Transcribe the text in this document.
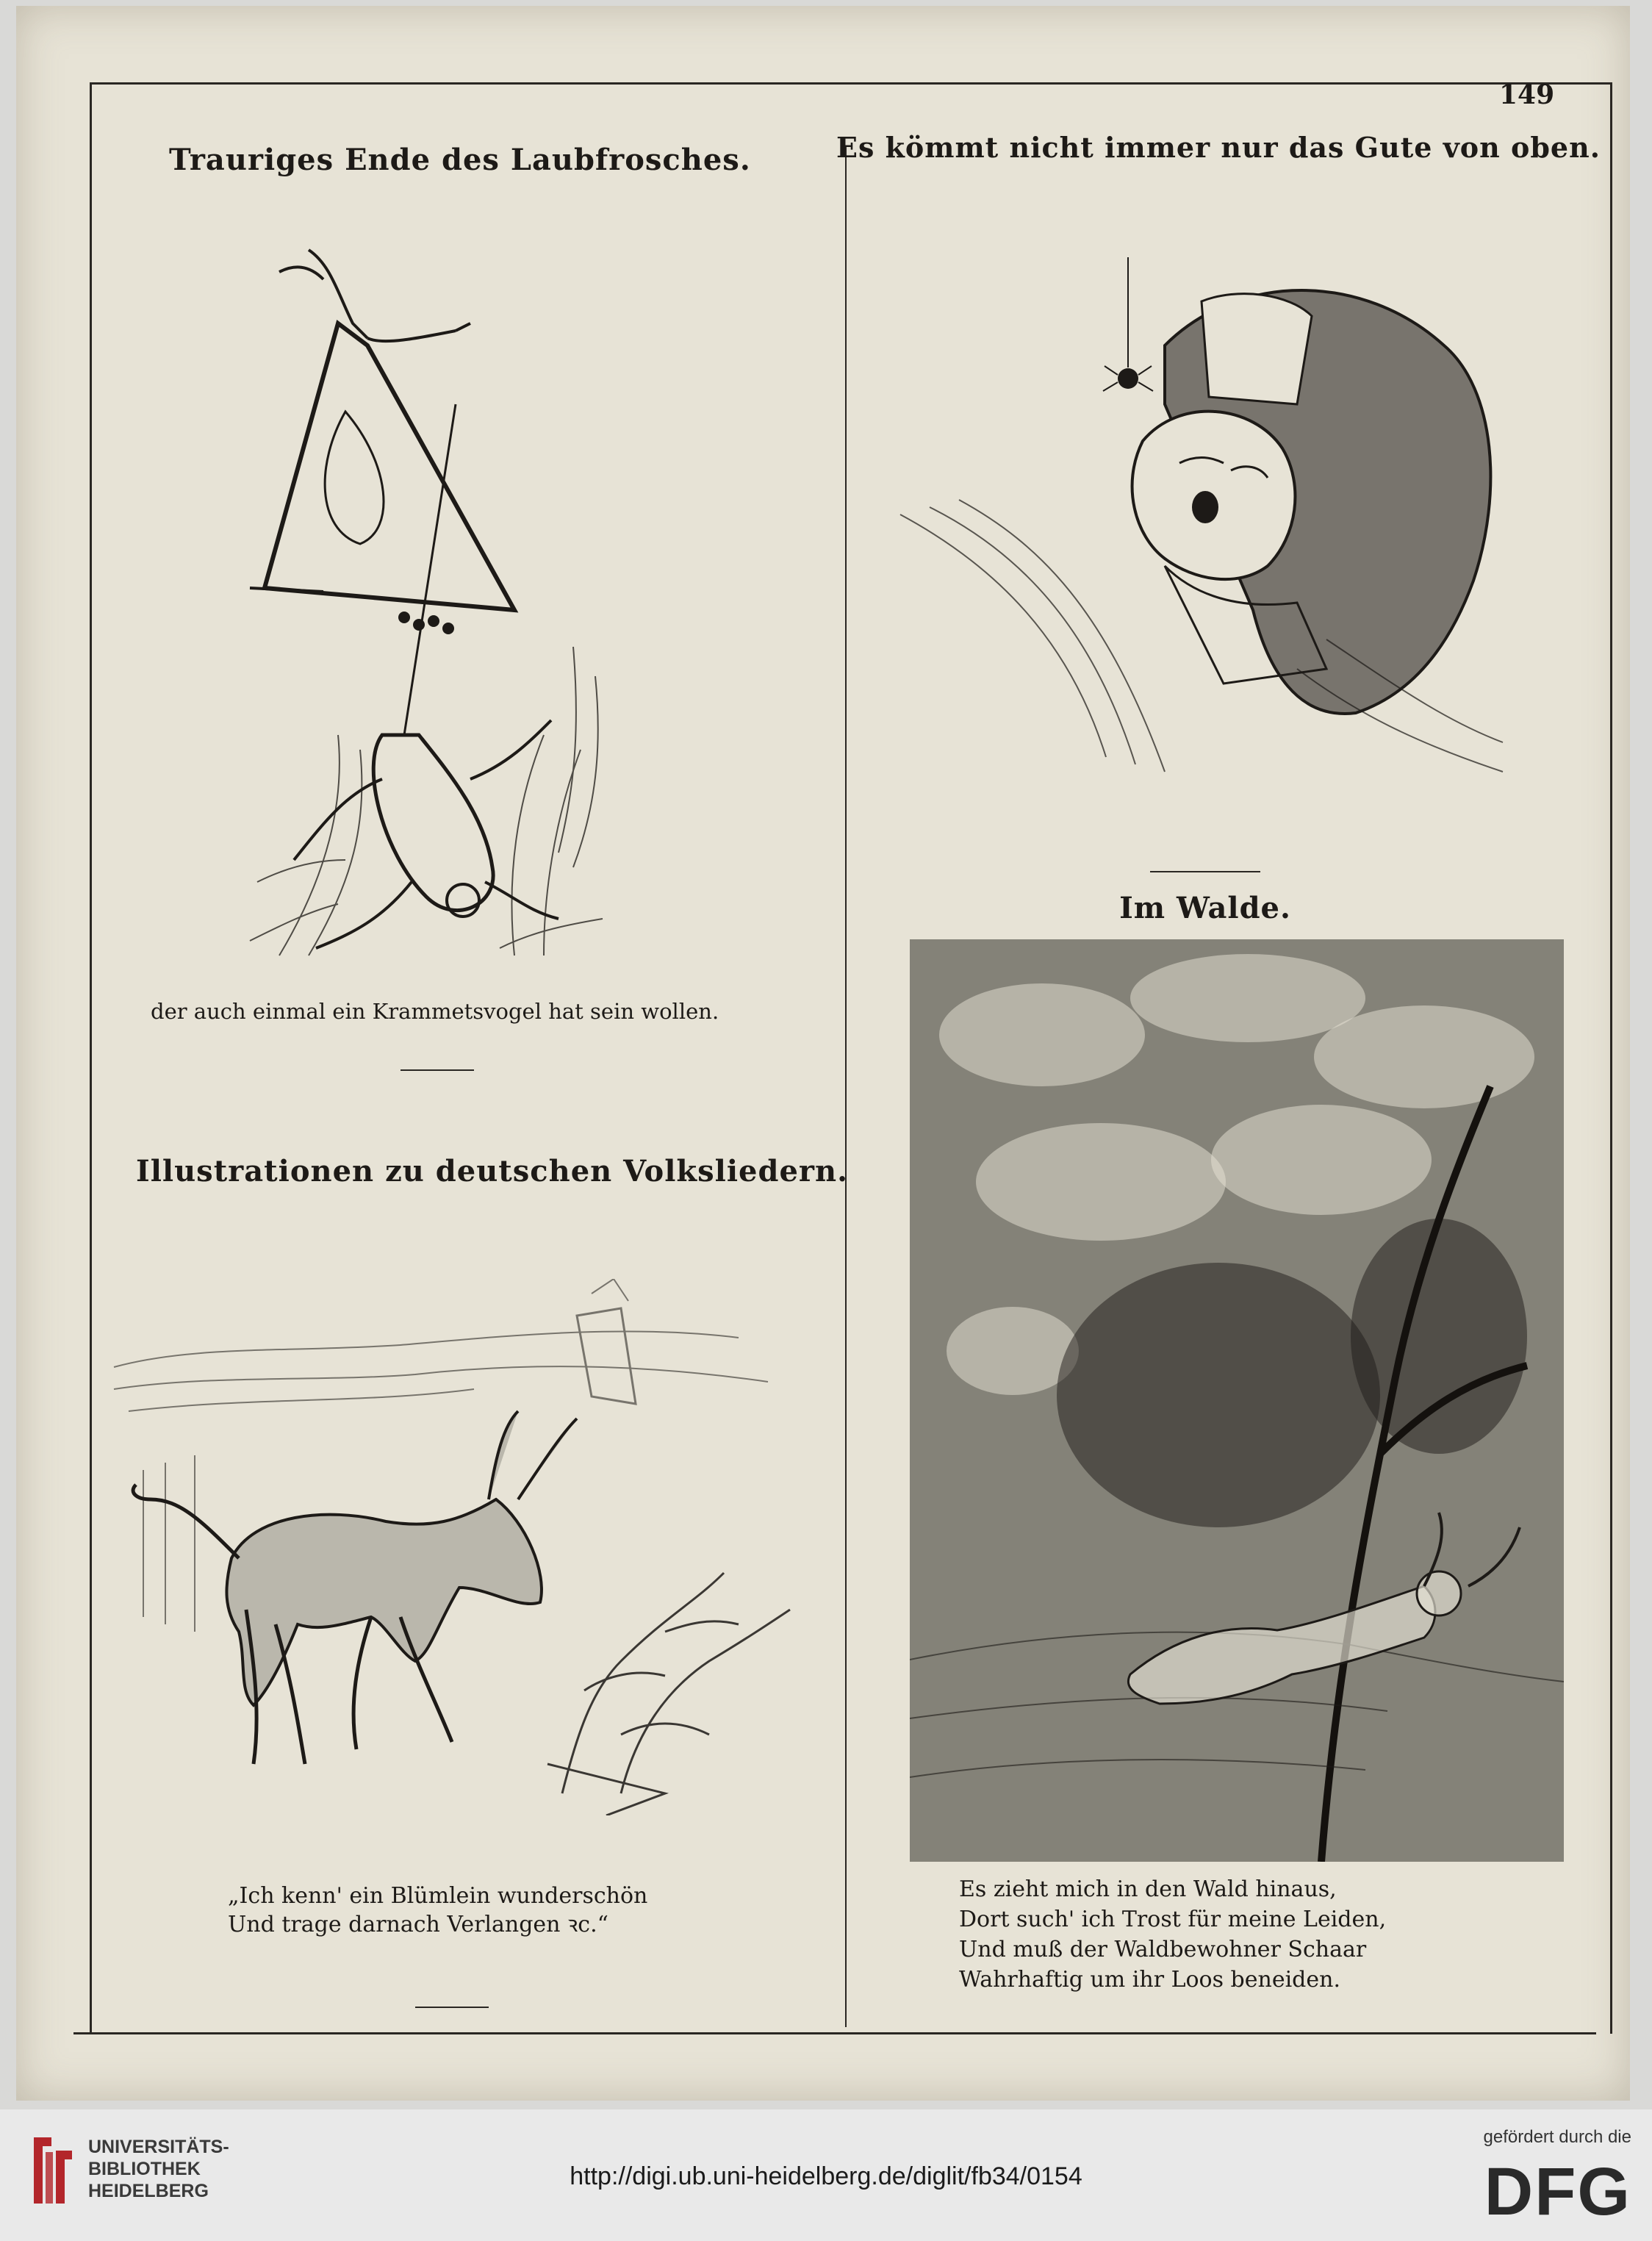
149
Trauriges Ende des Laubfrosches.
der auch einmal ein Krammetsvogel hat sein wollen.
Illustrationen zu deutschen Volksliedern.
„Ich kenn' ein Blümlein wunderschön
Und trage darnach Verlangen ꝛc.“
Es kömmt nicht immer nur das Gute von oben.
Im Walde.
Es zieht mich in den Wald hinaus,
Dort such' ich Trost für meine Leiden,
Und muß der Waldbewohner Schaar
Wahrhaftig um ihr Loos beneiden.
UNIVERSITÄTS-
BIBLIOTHEK
HEIDELBERG
http://digi.ub.uni-heidelberg.de/diglit/fb34/0154
gefördert durch die
DFG
